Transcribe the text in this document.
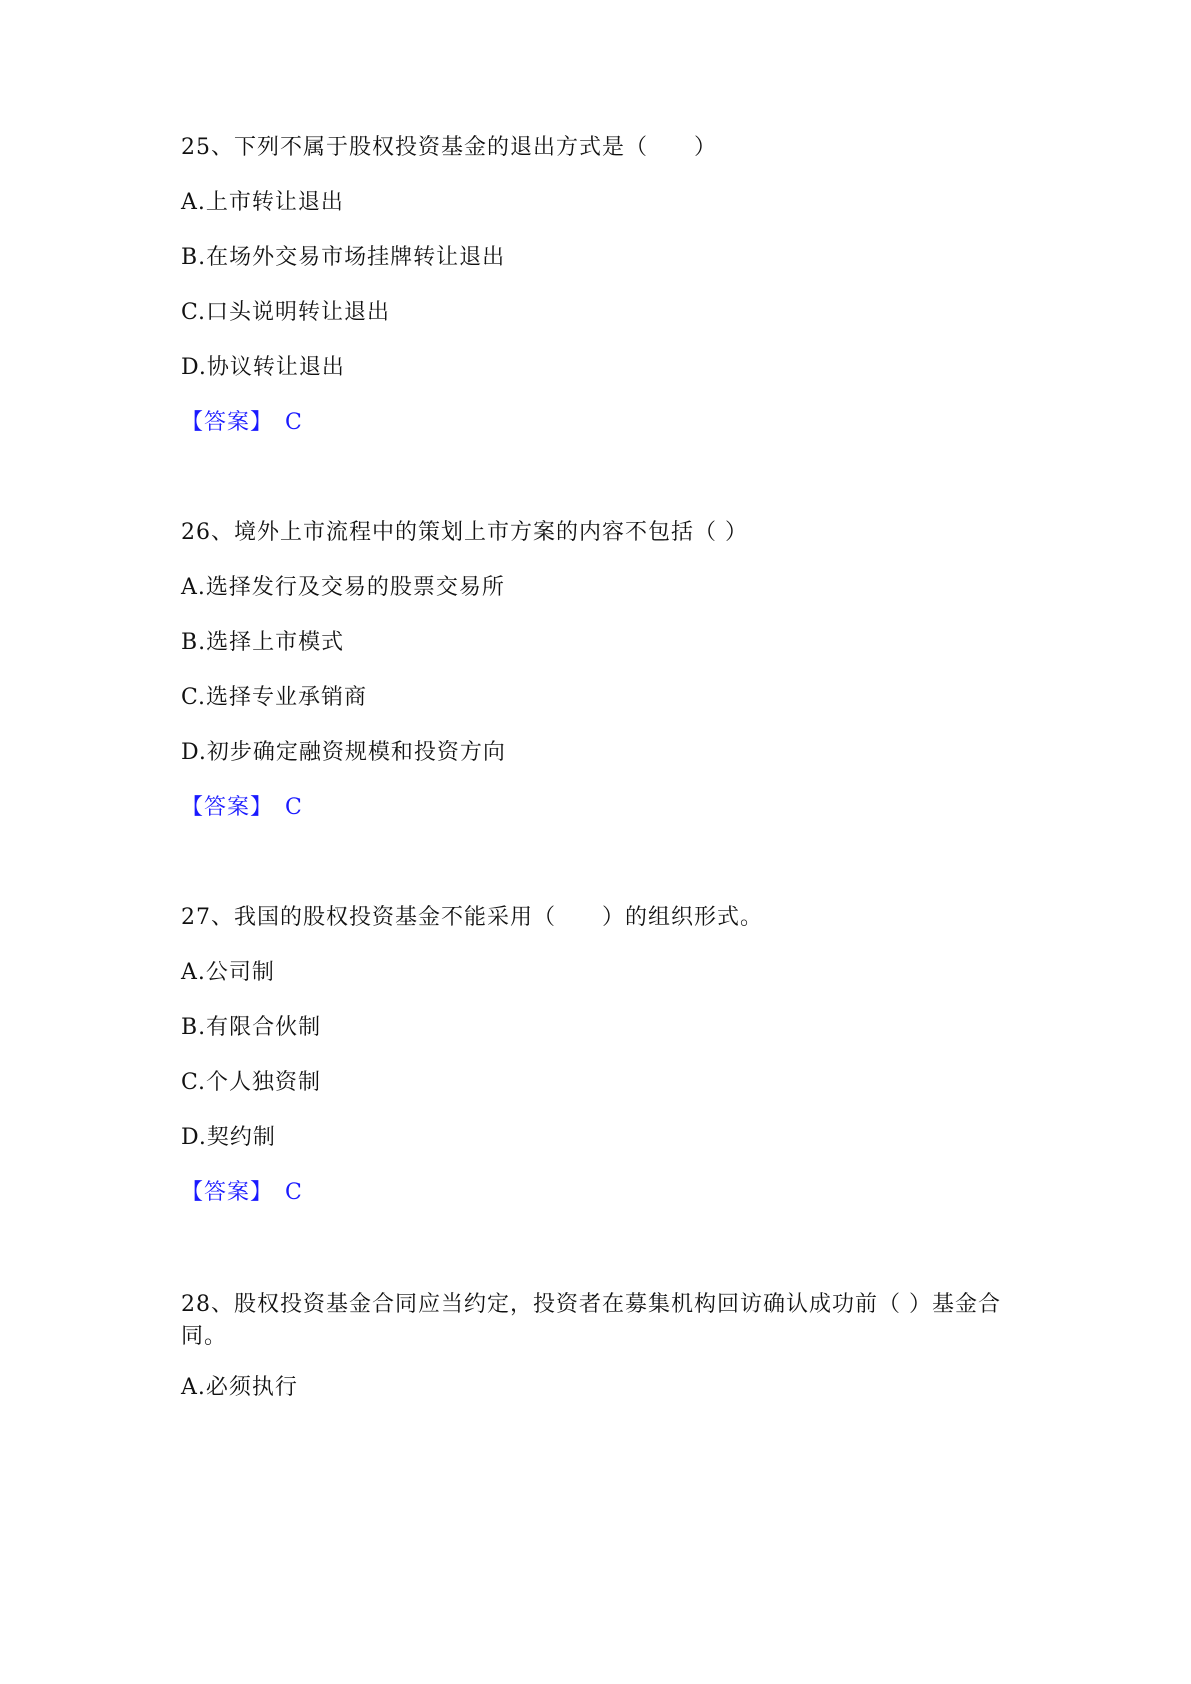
25、下列不属于股权投资基金的退出方式是（　　）
A.上市转让退出
B.在场外交易市场挂牌转让退出
C.口头说明转让退出
D.协议转让退出
【答案】 C
26、境外上市流程中的策划上市方案的内容不包括（ ）
A.选择发行及交易的股票交易所
B.选择上市模式
C.选择专业承销商
D.初步确定融资规模和投资方向
【答案】 C
27、我国的股权投资基金不能采用（　　）的组织形式。
A.公司制
B.有限合伙制
C.个人独资制
D.契约制
【答案】 C
28、股权投资基金合同应当约定，投资者在募集机构回访确认成功前（ ）基金合同。
A.必须执行
